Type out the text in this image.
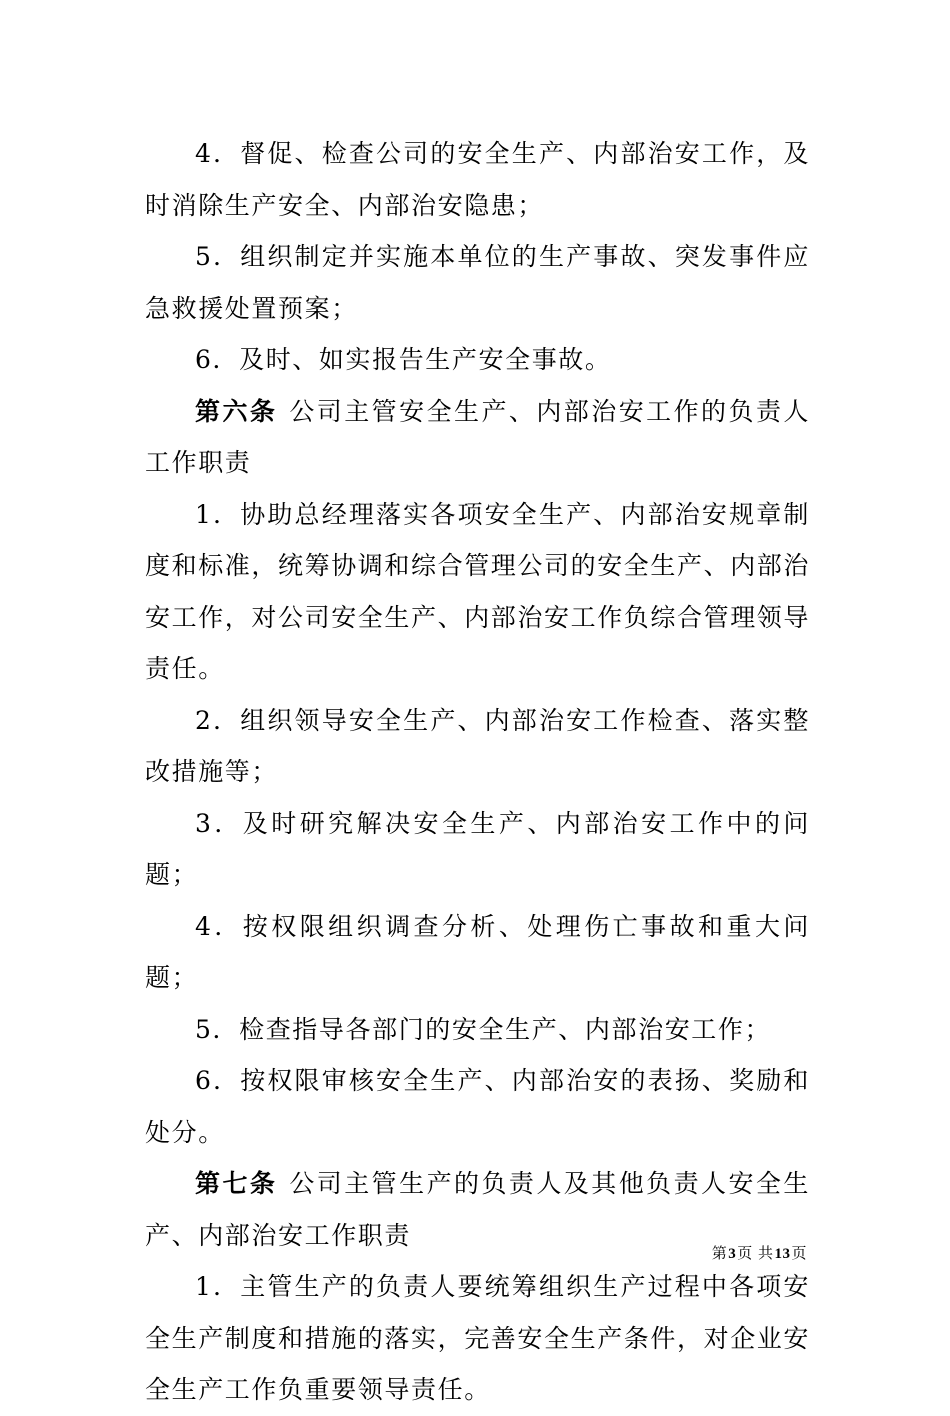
4．督促、检查公司的安全生产、内部治安工作，及时消除生产安全、内部治安隐患；

5．组织制定并实施本单位的生产事故、突发事件应急救援处置预案；

6．及时、如实报告生产安全事故。

第六条 公司主管安全生产、内部治安工作的负责人工作职责

1．协助总经理落实各项安全生产、内部治安规章制度和标准，统筹协调和综合管理公司的安全生产、内部治安工作，对公司安全生产、内部治安工作负综合管理领导责任。

2．组织领导安全生产、内部治安工作检查、落实整改措施等；

3．及时研究解决安全生产、内部治安工作中的问题；

4．按权限组织调查分析、处理伤亡事故和重大问题；

5．检查指导各部门的安全生产、内部治安工作；

6．按权限审核安全生产、内部治安的表扬、奖励和处分。

第七条 公司主管生产的负责人及其他负责人安全生产、内部治安工作职责

1．主管生产的负责人要统筹组织生产过程中各项安全生产制度和措施的落实，完善安全生产条件，对企业安全生产工作负重要领导责任。

第3页 共13页
